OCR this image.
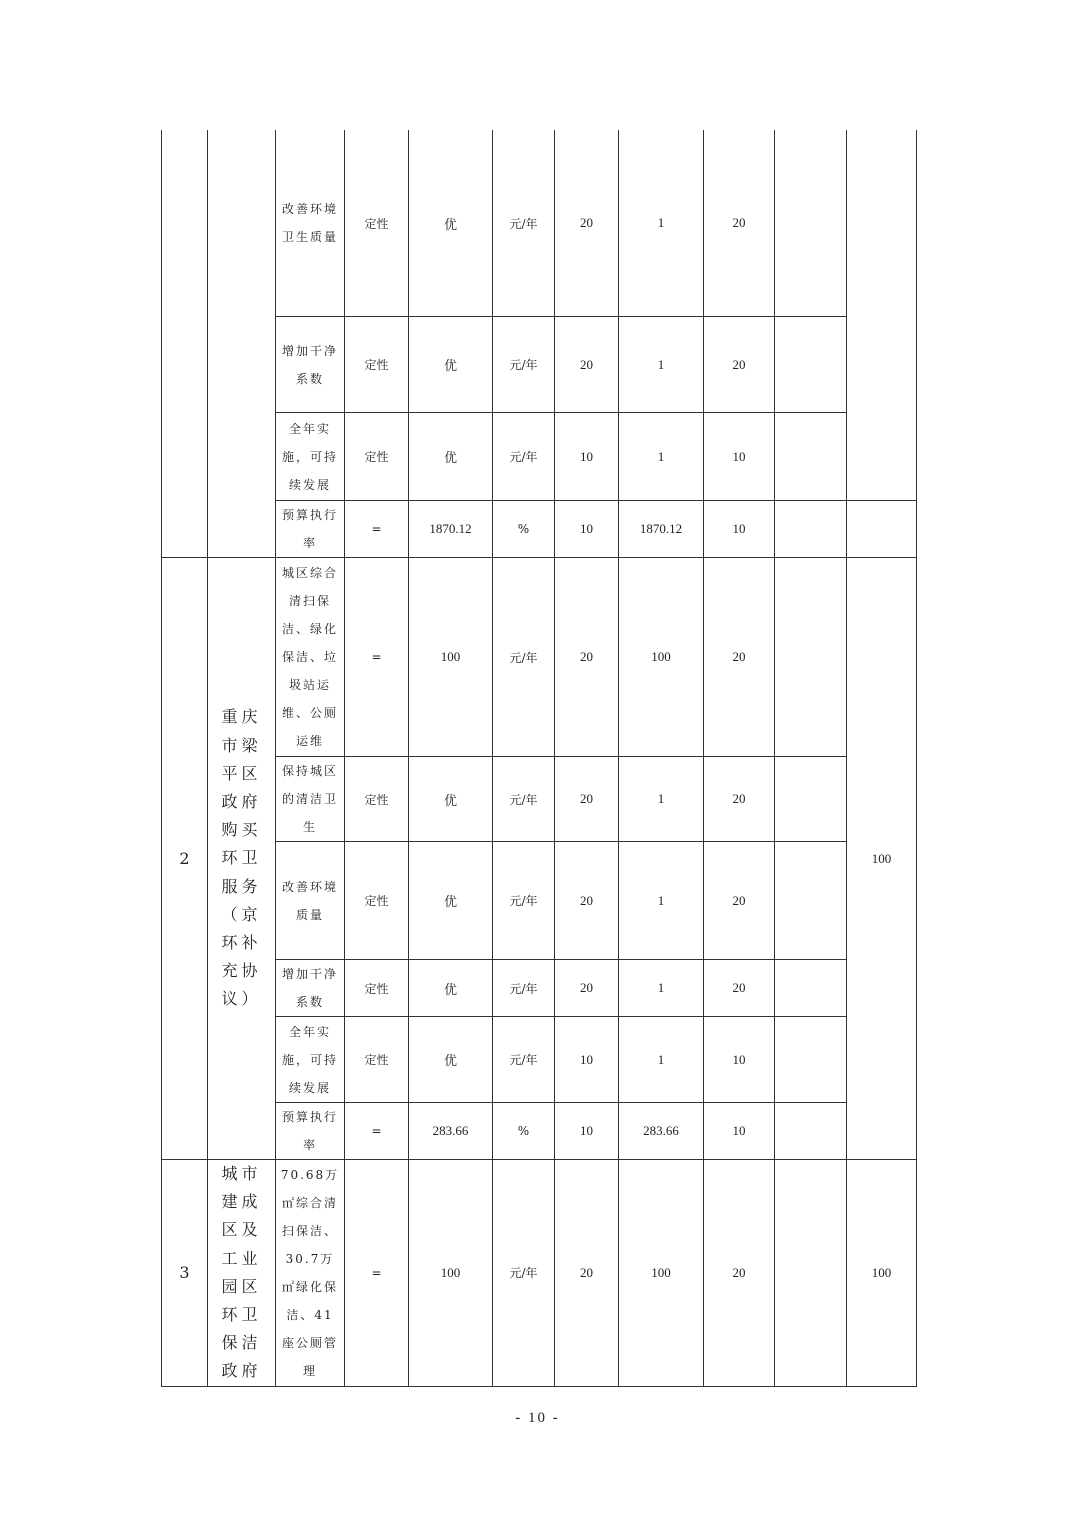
		改善环境卫生质量	定性	优	元/年	20	1	20		
		增加干净系数	定性	优	元/年	20	1	20		
		全年实施，可持续发展	定性	优	元/年	10	1	10		
		预算执行率	=	1870.12	%	10	1870.12	10		
2	重庆市梁平区政府购买环卫服务（京环补充协议）	城区综合清扫保洁、绿化保洁、垃圾站运维、公厕运维	=	100	元/年	20	100	20		100
		保持城区的清洁卫生	定性	优	元/年	20	1	20		
		改善环境质量	定性	优	元/年	20	1	20		
		增加干净系数	定性	优	元/年	20	1	20		
		全年实施，可持续发展	定性	优	元/年	10	1	10		
		预算执行率	=	283.66	%	10	283.66	10		
3	城市建成区及工业园区环卫保洁政府	70.68万㎡综合清扫保洁、30.7万㎡绿化保洁、41座公厕管理	=	100	元/年	20	100	20		100
- 10 -
